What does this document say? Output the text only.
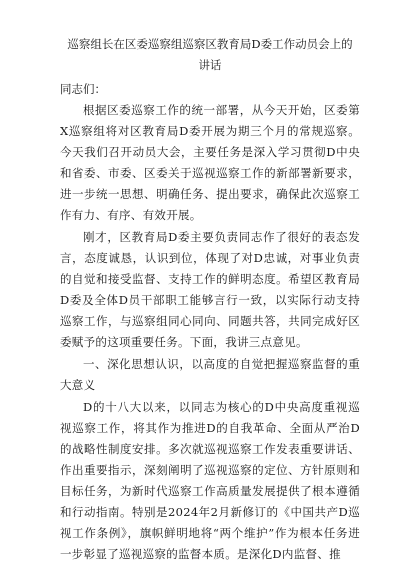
巡察组长在区委巡察组巡察区教育局D委工作动员会上的讲话

同志们：

根据区委巡察工作的统一部署，从今天开始，区委第X巡察组将对区教育局D委开展为期三个月的常规巡察。今天我们召开动员大会，主要任务是深入学习贯彻D中央和省委、市委、区委关于巡视巡察工作的新部署新要求，进一步统一思想、明确任务、提出要求，确保此次巡察工作有力、有序、有效开展。

刚才，区教育局D委主要负责同志作了很好的表态发言，态度诚恳，认识到位，体现了对D忠诚，对事业负责的自觉和接受监督、支持工作的鲜明态度。希望区教育局D委及全体D员干部职工能够言行一致，以实际行动支持巡察工作，与巡察组同心同向、同题共答，共同完成好区委赋予的这项重要任务。下面，我讲三点意见。

一、深化思想认识，以高度的自觉把握巡察监督的重大意义

D的十八大以来，以同志为核心的D中央高度重视巡视巡察工作，将其作为推进D的自我革命、全面从严治D的战略性制度安排。多次就巡视巡察工作发表重要讲话、作出重要指示，深刻阐明了巡视巡察的定位、方针原则和目标任务，为新时代巡察工作高质量发展提供了根本遵循和行动指南。特别是2024年2月新修订的《中国共产D巡视工作条例》，旗帜鲜明地将“两个维护”作为根本任务进一步彰显了巡视巡察的监督本质。是深化D内监督、推
